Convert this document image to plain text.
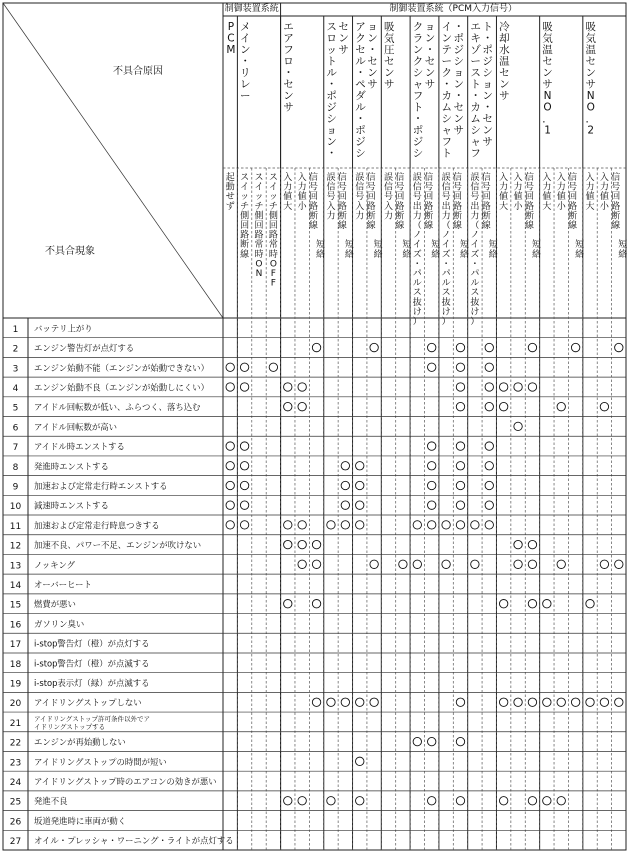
不具合原因
不具合現象
制御装置系統	制御装置系統（PCM入力信号）
P
C
M
メ
イ
ン
・
リ
レ
ー
エ
ア
フ
ロ
・
セ
ン
サ
ス
ロ
ッ
ト
ル
・
ポ
ジ
シ
ョ
ン
・
セ
ン
サ
ア
ク
セ
ル
・
ペ
ダ
ル
・
ポ
ジ
シ
ョ
ン
・
セ
ン
サ
吸
気
圧
セ
ン
サ
ク
ラ
ン
ク
シ
ャ
フ
ト
・
ポ
ジ
シ
ョ
ン
・
セ
ン
サ
イ
ン
テ
ー
ク
・
カ
ム
シ
ャ
フ
ト
・
ポ
ジ
シ
ョ
ン
・
セ
ン
サ
エ
キ
ゾ
ー
ス
ト
・
カ
ム
シ
ャ
フ
ト
・
ポ
ジ
シ
ョ
ン
・
セ
ン
サ
冷
却
水
温
セ
ン
サ
吸
気
温
セ
ン
サ
N
O
．
1
吸
気
温
セ
ン
サ
N
O
．
2
起
動
せ
ず
ス
イ
ッ
チ
側
回
路
断
線
ス
イ
ッ
チ
側
回
路
常
時
O
N
ス
イ
ッ
チ
側
回
路
常
時
O
F
F
入
力
値
大
入
力
値
小
信
号
回
路
断
線
短
絡
誤
信
号
入
力
信
号
回
路
断
線
短
絡
誤
信
号
入
力
信
号
回
路
断
線
短
絡
誤
信
号
入
力
信
号
回
路
断
線
短
絡
誤
信
号
出
力
（
ノ
イ
ズ
・
パ
ル
ス
抜
け
）
信
号
回
路
断
線
短
絡
誤
信
号
出
力
（
ノ
イ
ズ
・
パ
ル
ス
抜
け
）
信
号
回
路
断
線
短
絡
誤
信
号
出
力
（
ノ
イ
ズ
・
パ
ル
ス
抜
け
）
信
号
回
路
断
線
短
絡
入
力
値
大
入
力
値
小
信
号
回
路
断
線
短
絡
入
力
値
大
入
力
値
小
信
号
回
路
断
線
短
絡
入
力
値
大
入
力
値
小
信
号
回
路
断
線
短
絡
1 バッテリ上がり
2 エンジン警告灯が点灯する
3 エンジン始動不能（エンジンが始動できない）
4 エンジン始動不良（エンジンが始動しにくい）
5 アイドル回転数が低い、ふらつく、落ち込む
6 アイドル回転数が高い
7 アイドル時エンストする
8 発進時エンストする
9 加速および定常走行時エンストする
10 減速時エンストする
11 加速および定常走行時息つきする
12 加速不良、パワー不足、エンジンが吹けない
13 ノッキング
14 オーバーヒート
15 燃費が悪い
16 ガソリン臭い
17 i-stop警告灯（橙）が点灯する
18 i-stop警告灯（橙）が点滅する
19 i-stop表示灯（緑）が点滅する
20 アイドリングストップしない
21 アイドリングストップ許可条件以外でア
イドリングストップする
22 エンジンが再始動しない
23 アイドリングストップの時間が短い
24 アイドリングストップ時のエアコンの効きが悪い
25 発進不良
26 坂道発進時に車両が動く
27 オイル・プレッシャ・ワーニング・ライトが点灯する
